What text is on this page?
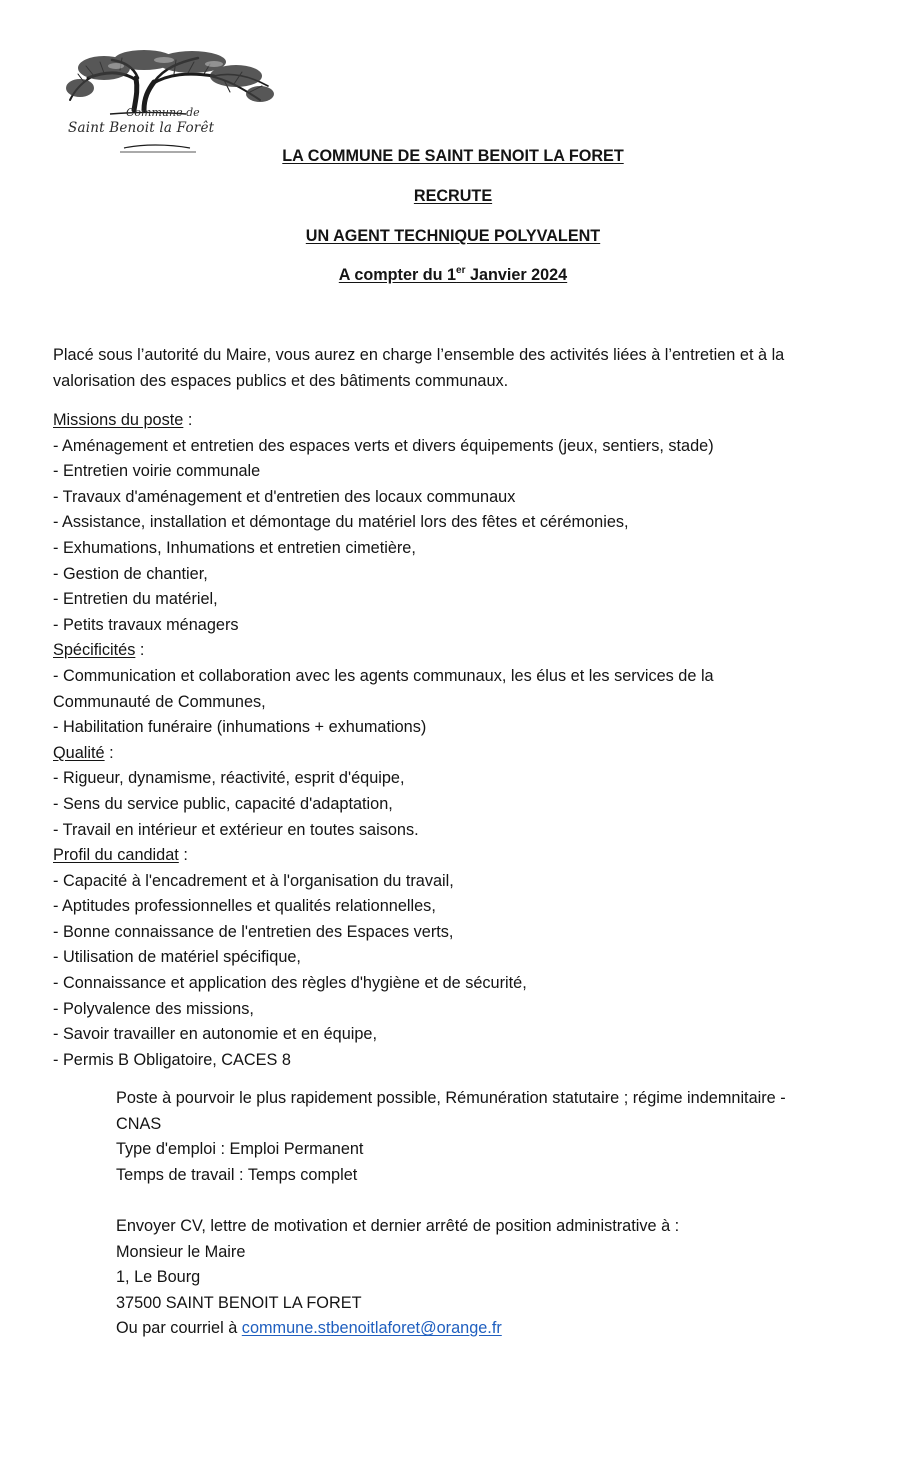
Commune de
Saint Benoit la Forêt
LA COMMUNE DE SAINT BENOIT LA FORET
RECRUTE
UN AGENT TECHNIQUE POLYVALENT
A compter du 1er Janvier 2024

Placé sous l’autorité du Maire, vous aurez en charge l’ensemble des activités liées à l’entretien et à la valorisation des espaces publics et des bâtiments communaux.

Missions du poste :
- Aménagement et entretien des espaces verts et divers équipements (jeux, sentiers, stade)
- Entretien voirie communale
- Travaux d'aménagement et d'entretien des locaux communaux
- Assistance, installation et démontage du matériel lors des fêtes et cérémonies,
- Exhumations, Inhumations et entretien cimetière,
- Gestion de chantier,
- Entretien du matériel,
- Petits travaux ménagers
Spécificités :
- Communication et collaboration avec les agents communaux, les élus et les services de la
Communauté de Communes,
- Habilitation funéraire (inhumations + exhumations)
Qualité :
- Rigueur, dynamisme, réactivité, esprit d'équipe,
- Sens du service public, capacité d'adaptation,
- Travail en intérieur et extérieur en toutes saisons.
Profil du candidat :
- Capacité à l'encadrement et à l'organisation du travail,
- Aptitudes professionnelles et qualités relationnelles,
- Bonne connaissance de l'entretien des Espaces verts,
- Utilisation de matériel spécifique,
- Connaissance et application des règles d'hygiène et de sécurité,
- Polyvalence des missions,
- Savoir travailler en autonomie et en équipe,
- Permis B Obligatoire, CACES 8
Poste à pourvoir le plus rapidement possible, Rémunération statutaire ; régime indemnitaire -
CNAS
Type d'emploi : Emploi Permanent
Temps de travail : Temps complet
Envoyer CV, lettre de motivation et dernier arrêté de position administrative à :
Monsieur le Maire
1, Le Bourg
37500 SAINT BENOIT LA FORET
Ou par courriel à commune.stbenoitlaforet@orange.fr
